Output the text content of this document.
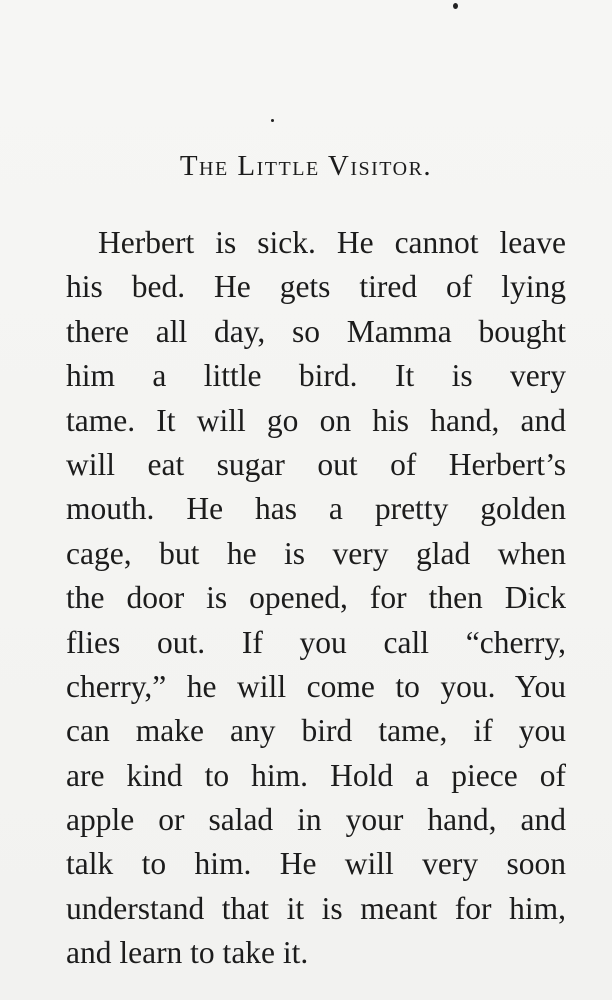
The Little Visitor.
Herbert is sick. He cannot leave
his bed. He gets tired of lying
there all day, so Mamma bought
him a little bird. It is very
tame. It will go on his hand, and
will eat sugar out of Herbert’s
mouth. He has a pretty golden
cage, but he is very glad when
the door is opened, for then Dick
flies out. If you call “cherry,
cherry,” he will come to you. You
can make any bird tame, if you
are kind to him. Hold a piece of
apple or salad in your hand, and
talk to him. He will very soon
understand that it is meant for him,
and learn to take it.
